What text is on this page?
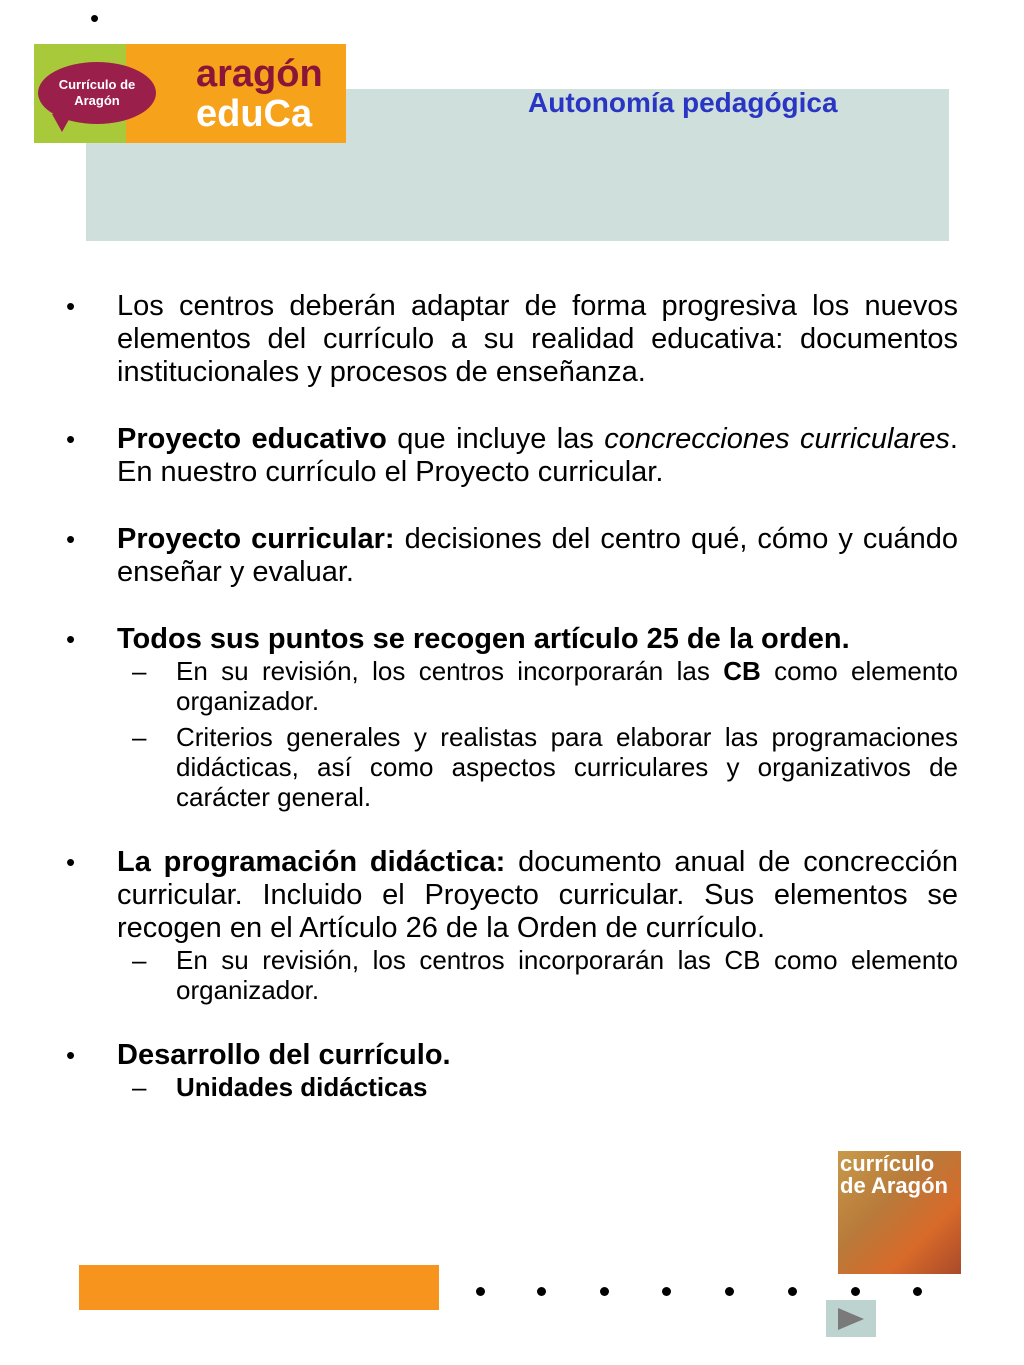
•
Currículo de
Aragón
aragón
eduCa	Autonomía pedagógica
•	Los centros deberán adaptar de forma progresiva los nuevos elementos del currículo a su realidad educativa: documentos institucionales y procesos de enseñanza.
•	Proyecto educativo que incluye las concrecciones curriculares. En nuestro currículo el Proyecto curricular.
•	Proyecto curricular: decisiones del centro qué, cómo y cuándo enseñar y evaluar.
•	Todos sus puntos se recogen artículo 25 de la orden.
–	En su revisión, los centros incorporarán las CB como elemento organizador.
–	Criterios generales y realistas para elaborar las programaciones didácticas, así como aspectos curriculares y organizativos de carácter general.
•	La programación didáctica: documento anual de concrección curricular. Incluido el Proyecto curricular. Sus elementos se recogen en el Artículo 26 de la Orden de currículo.
–	En su revisión, los centros incorporarán las CB como elemento organizador.
•	Desarrollo del currículo.
–	Unidades didácticas
currículo
de Aragón
